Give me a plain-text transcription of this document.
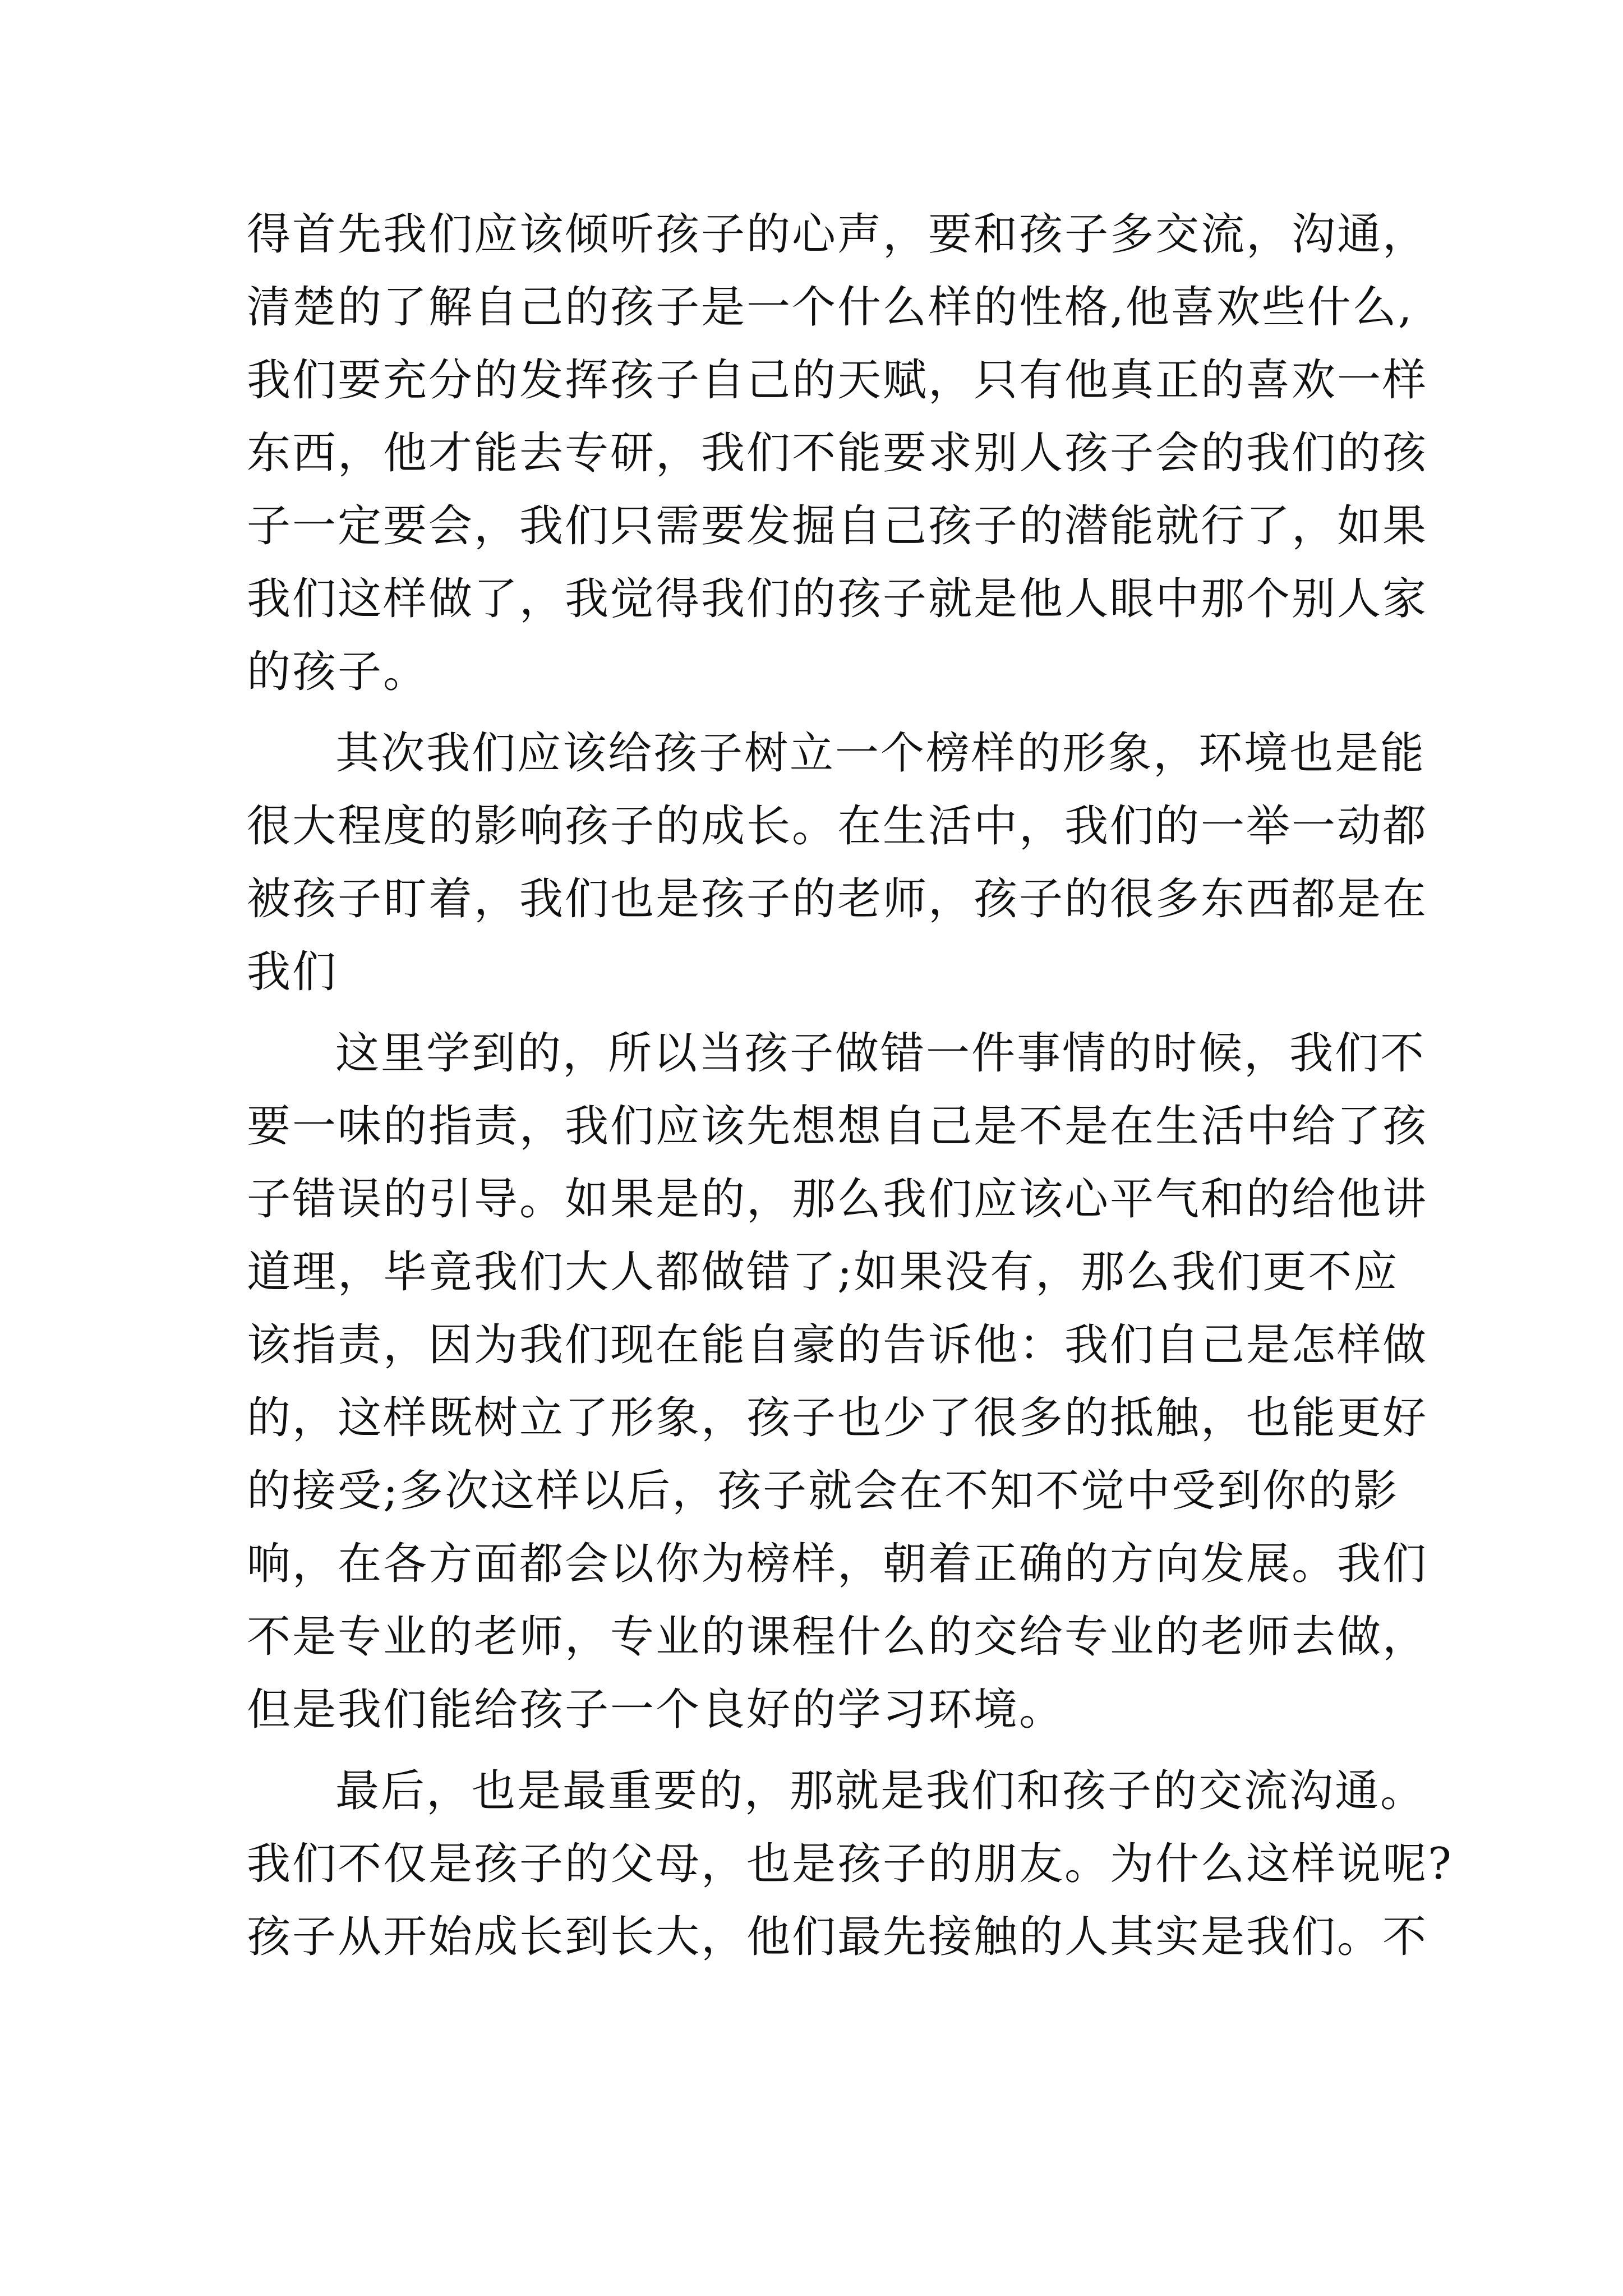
得首先我们应该倾听孩子的心声，要和孩子多交流，沟通，
清楚的了解自己的孩子是一个什么样的性格,他喜欢些什么,
我们要充分的发挥孩子自己的天赋，只有他真正的喜欢一样
东西，他才能去专研，我们不能要求别人孩子会的我们的孩
子一定要会，我们只需要发掘自己孩子的潜能就行了，如果
我们这样做了，我觉得我们的孩子就是他人眼中那个别人家
的孩子。
其次我们应该给孩子树立一个榜样的形象，环境也是能
很大程度的影响孩子的成长。在生活中，我们的一举一动都
被孩子盯着，我们也是孩子的老师，孩子的很多东西都是在
我们
这里学到的，所以当孩子做错一件事情的时候，我们不
要一味的指责，我们应该先想想自己是不是在生活中给了孩
子错误的引导。如果是的，那么我们应该心平气和的给他讲
道理，毕竟我们大人都做错了;如果没有，那么我们更不应
该指责，因为我们现在能自豪的告诉他：我们自己是怎样做
的，这样既树立了形象，孩子也少了很多的抵触，也能更好
的接受;多次这样以后，孩子就会在不知不觉中受到你的影
响，在各方面都会以你为榜样，朝着正确的方向发展。我们
不是专业的老师，专业的课程什么的交给专业的老师去做，
但是我们能给孩子一个良好的学习环境。
最后，也是最重要的，那就是我们和孩子的交流沟通。
我们不仅是孩子的父母，也是孩子的朋友。为什么这样说呢?
孩子从开始成长到长大，他们最先接触的人其实是我们。不
